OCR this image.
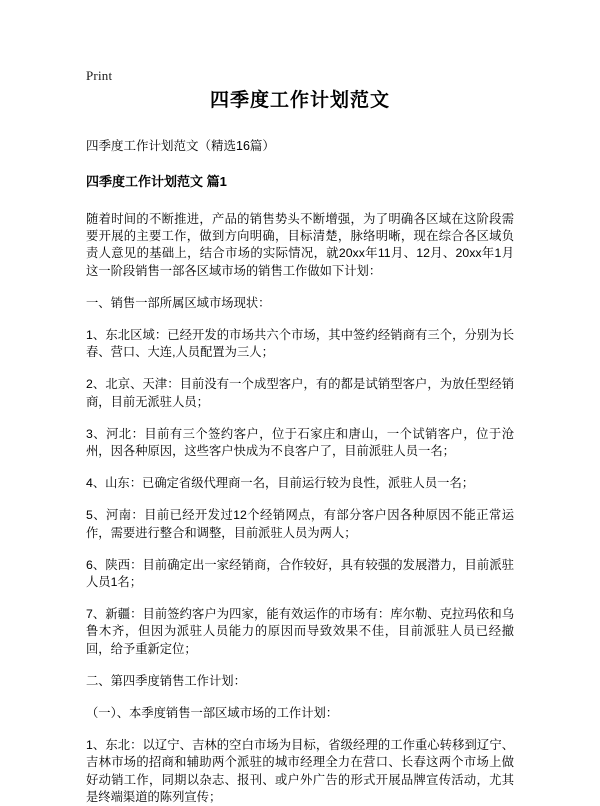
Print
四季度工作计划范文
四季度工作计划范文（精选16篇）
四季度工作计划范文 篇1

随着时间的不断推进，产品的销售势头不断增强，为了明确各区域在这阶段需要开展的主要工作，做到方向明确，目标清楚，脉络明晰，现在综合各区域负责人意见的基础上，结合市场的实际情况，就20xx年11月、12月、20xx年1月这一阶段销售一部各区域市场的销售工作做如下计划：

一、销售一部所属区域市场现状：

1、东北区域：已经开发的市场共六个市场，其中签约经销商有三个，分别为长春、营口、大连,人员配置为三人；

2、北京、天津：目前没有一个成型客户，有的都是试销型客户，为放任型经销商，目前无派驻人员；

3、河北：目前有三个签约客户，位于石家庄和唐山，一个试销客户，位于沧州，因各种原因，这些客户快成为不良客户了，目前派驻人员一名；

4、山东：已确定省级代理商一名，目前运行较为良性，派驻人员一名；

5、河南：目前已经开发过12个经销网点，有部分客户因各种原因不能正常运作，需要进行整合和调整，目前派驻人员为两人；

6、陕西：目前确定出一家经销商，合作较好，具有较强的发展潜力，目前派驻人员1名；

7、新疆：目前签约客户为四家，能有效运作的市场有：库尔勒、克拉玛依和乌鲁木齐，但因为派驻人员能力的原因而导致效果不佳，目前派驻人员已经撤回，给予重新定位；

二、第四季度销售工作计划：

（一）、本季度销售一部区域市场的工作计划：

1、东北：以辽宁、吉林的空白市场为目标，省级经理的工作重心转移到辽宁、吉林市场的招商和辅助两个派驻的城市经理全力在营口、长春这两个市场上做好动销工作，同期以杂志、报刊、或户外广告的形式开展品牌宣传活动，尤其是终端渠道的陈列宣传；
